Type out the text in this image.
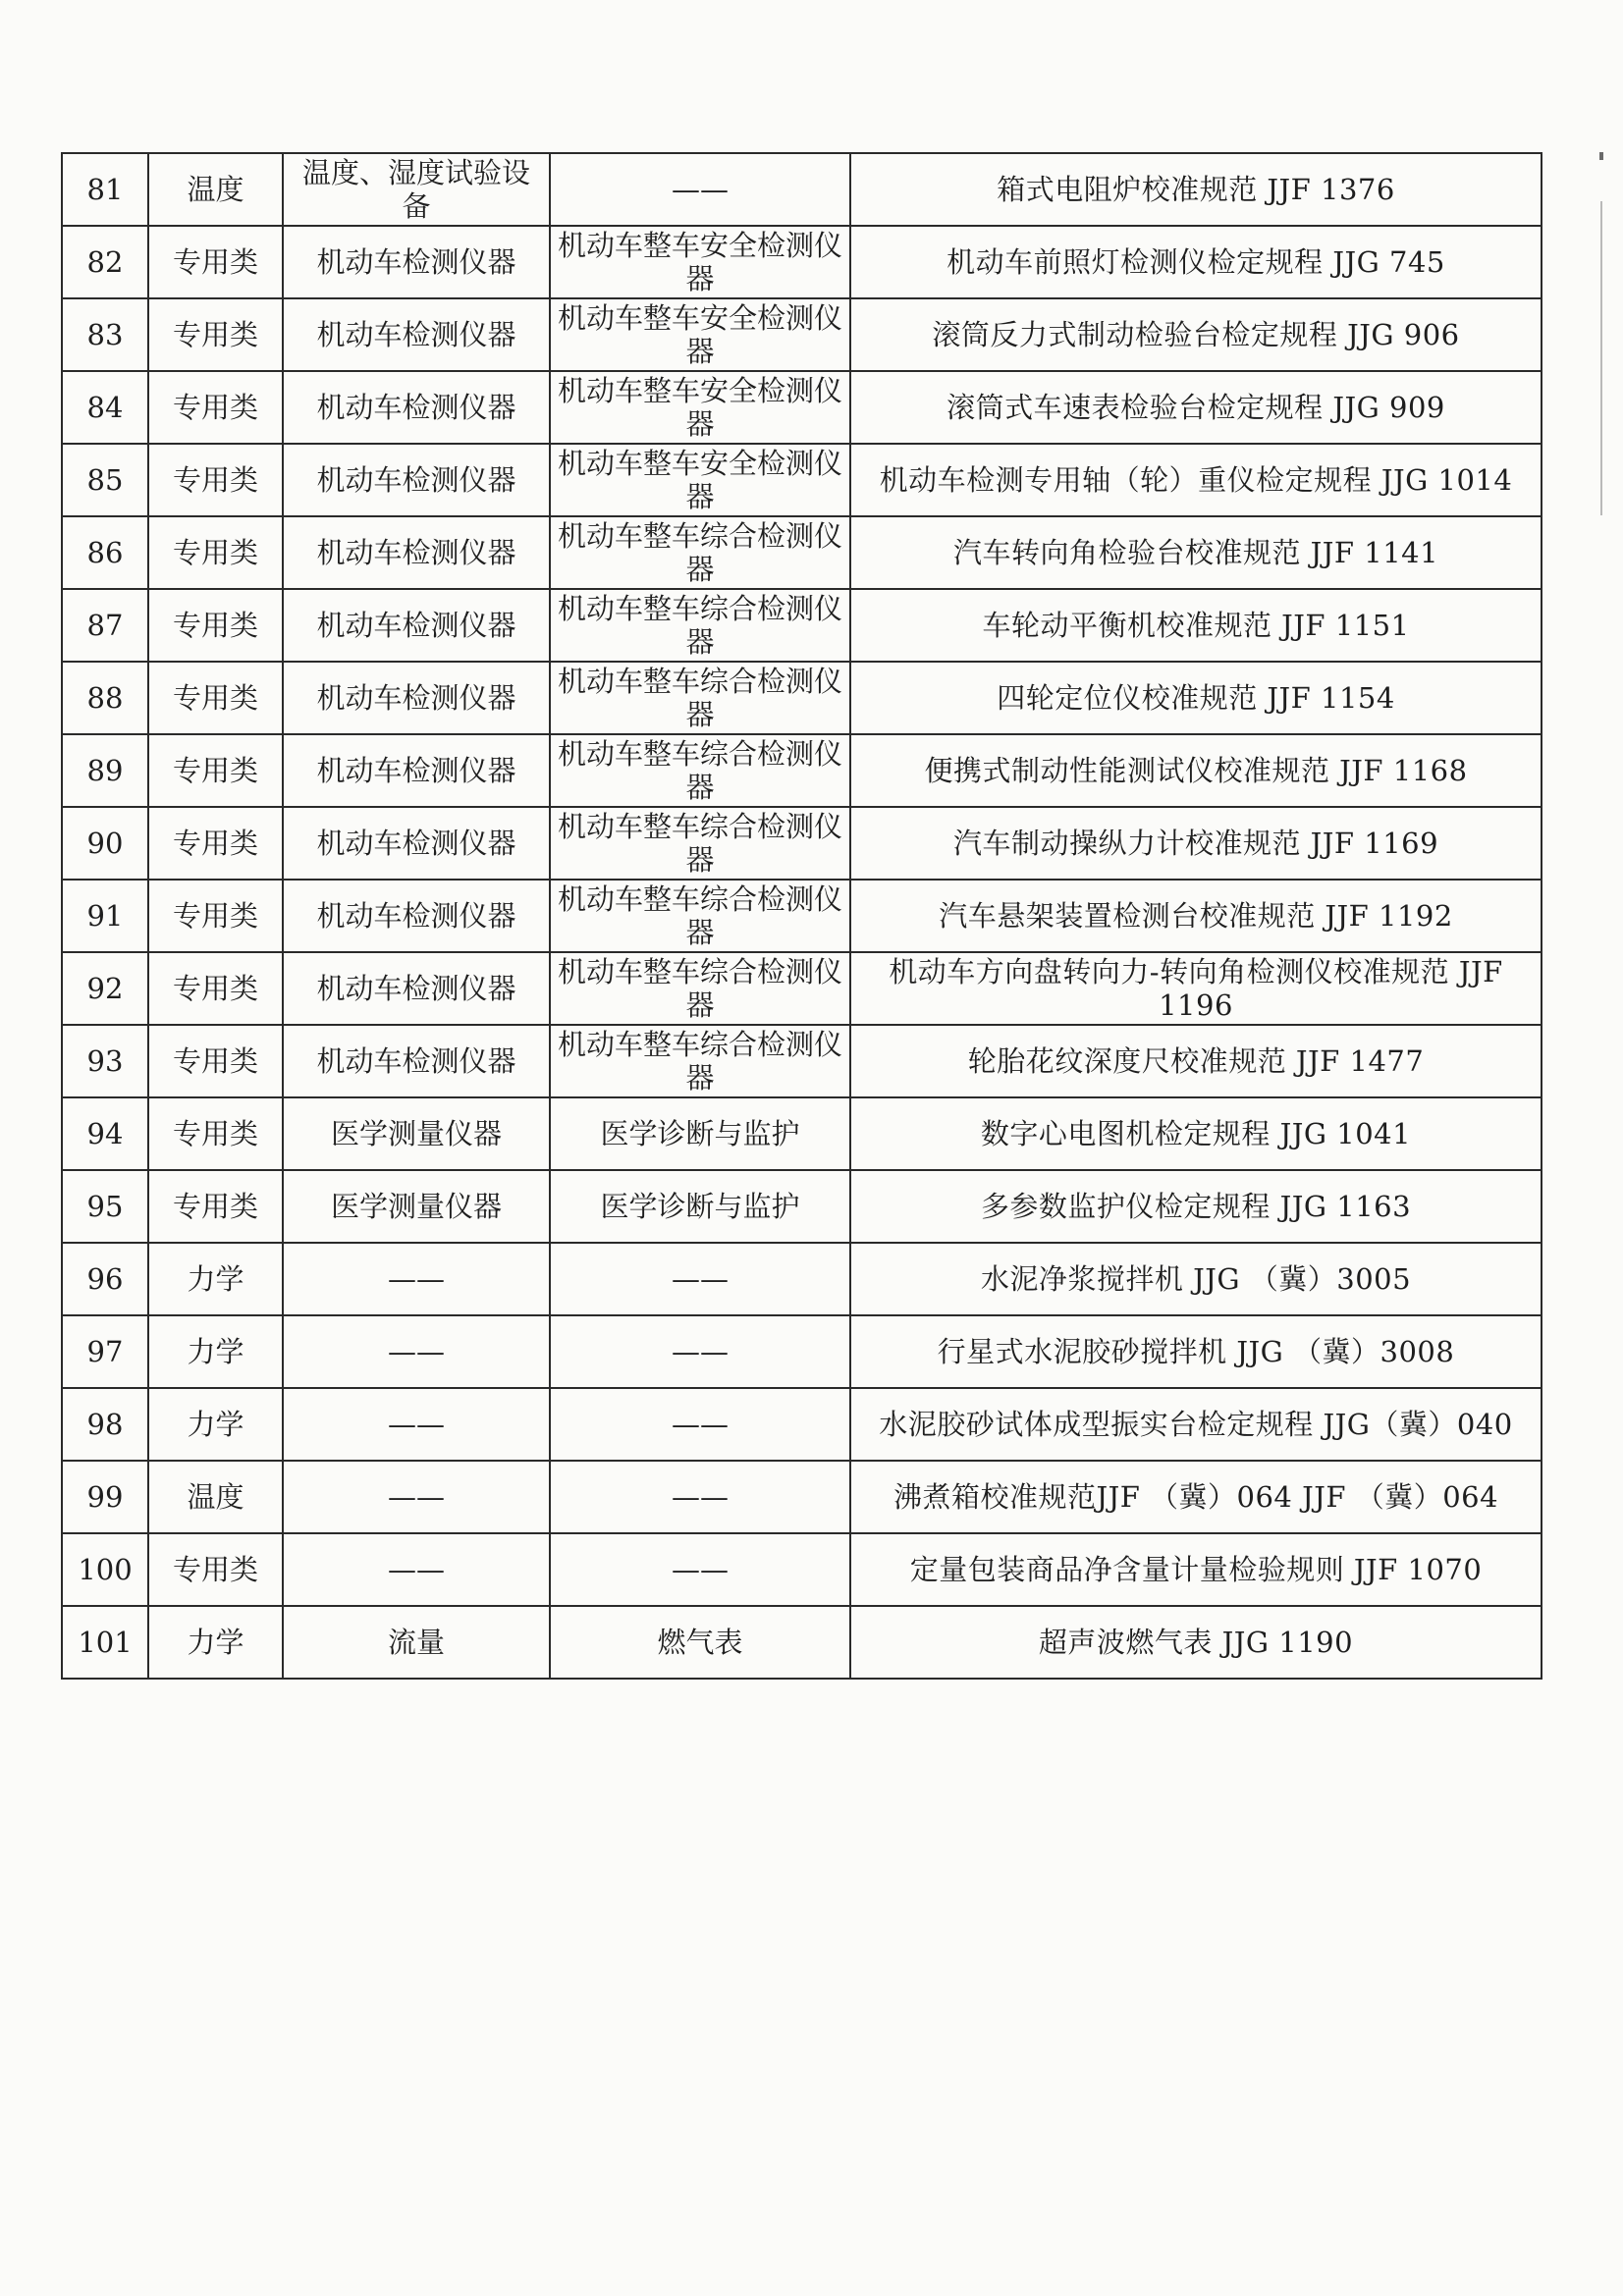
81	温度	温度、湿度试验设备	——	箱式电阻炉校准规范 JJF 1376
82	专用类	机动车检测仪器	机动车整车安全检测仪器	机动车前照灯检测仪检定规程 JJG 745
83	专用类	机动车检测仪器	机动车整车安全检测仪器	滚筒反力式制动检验台检定规程 JJG 906
84	专用类	机动车检测仪器	机动车整车安全检测仪器	滚筒式车速表检验台检定规程 JJG 909
85	专用类	机动车检测仪器	机动车整车安全检测仪器	机动车检测专用轴（轮）重仪检定规程 JJG 1014
86	专用类	机动车检测仪器	机动车整车综合检测仪器	汽车转向角检验台校准规范 JJF 1141
87	专用类	机动车检测仪器	机动车整车综合检测仪器	车轮动平衡机校准规范 JJF 1151
88	专用类	机动车检测仪器	机动车整车综合检测仪器	四轮定位仪校准规范 JJF 1154
89	专用类	机动车检测仪器	机动车整车综合检测仪器	便携式制动性能测试仪校准规范 JJF 1168
90	专用类	机动车检测仪器	机动车整车综合检测仪器	汽车制动操纵力计校准规范 JJF 1169
91	专用类	机动车检测仪器	机动车整车综合检测仪器	汽车悬架装置检测台校准规范 JJF 1192
92	专用类	机动车检测仪器	机动车整车综合检测仪器	机动车方向盘转向力-转向角检测仪校准规范 JJF 1196
93	专用类	机动车检测仪器	机动车整车综合检测仪器	轮胎花纹深度尺校准规范 JJF 1477
94	专用类	医学测量仪器	医学诊断与监护	数字心电图机检定规程 JJG 1041
95	专用类	医学测量仪器	医学诊断与监护	多参数监护仪检定规程 JJG 1163
96	力学	——	——	水泥净浆搅拌机 JJG （冀）3005
97	力学	——	——	行星式水泥胶砂搅拌机 JJG （冀）3008
98	力学	——	——	水泥胶砂试体成型振实台检定规程 JJG（冀）040
99	温度	——	——	沸煮箱校准规范JJF （冀）064 JJF （冀）064
100	专用类	——	——	定量包装商品净含量计量检验规则 JJF 1070
101	力学	流量	燃气表	超声波燃气表 JJG 1190
